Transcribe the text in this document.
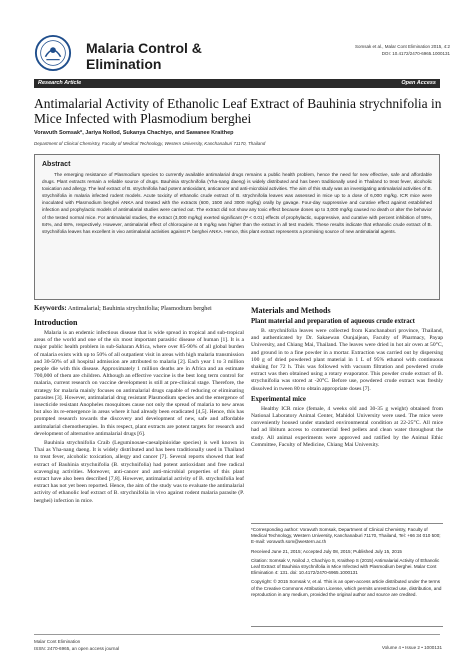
Malaria Control &
Elimination
Somsak et al., Malar Cont Elimination 2015, 4:2
DOI: 10.4172/2470-6965.1000131
Research Article	Open Access
Antimalarial Activity of Ethanolic Leaf Extract of Bauhinia strychnifolia in
Mice Infected with Plasmodium berghei
Voravuth Somsak*, Jariya Noilod, Sukanya Chachiyo, and Sawanee Kraithep
Department of Clinical Chemistry, Faculty of Medical Technology, Western University, Kanchanaburi 71170, Thailand
Abstract
The emerging resistance of Plasmodium species to currently available antimalarial drugs remains a public health problem, hence the need for new effective, safe and affordable drugs. Plant extracts remain a reliable source of drugs. Bauhinia strychnifolia (Yha-nang daeng) is widely distributed and has been traditionally used in Thailand to treat fever, alcoholic toxication and allergy. The leaf extract of B. strychnifolia had potent antioxidant, anticancer and anti-microbial activities. The aim of this study was an investigating antimalarial activities of B. strychnifolia in malaria infected rodent models. Acute toxicity of ethanolic crude extract of B. strychnifolia leaves was assessed in mice up to a dose of 6,000 mg/kg. ICR mice were inoculated with Plasmodium berghei ANKA and treated with the extracts (600, 1500 and 3000 mg/kg) orally by gavage. Four-day suppressive and curative effect against established infection and prophylactic models of antimalarial studies were carried out. The extract did not show any toxic effect because doses up to 3,000 mg/kg caused no death or alter the behavior of the tested normal mice. For antimalarial studies, the extract (3,000 mg/kg) exerted significant (P < 0.01) effects of prophylactic, suppressive, and curative with percent inhibition of 59%, 84%, and 68%, respectively. However, antimalarial effect of chloroquine at 5 mg/kg was higher than the extract in all test models. These results indicate that ethanolic crude extract of B. strychnifolia leaves has excellent in vivo antimalarial activities against P. berghei ANKA. Hence, this plant extract represents a promising source of new antimalarial agents.
Keywords: Antimalarial; Bauhinia strychnifolia; Plasmodium berghei
Introduction

Malaria is an endemic infectious disease that is wide spread in tropical and sub-tropical areas of the world and one of the six most important parasitic disease of human [1]. It is a major public health problem in sub-Saharan Africa, where over 85-90% of all global burden of malaria exists with up to 50% of all outpatient visit in areas with high malaria transmission and 30-50% of all hospital admission are attributed to malaria [2]. Each year 1 to 3 million people die with this disease. Approximately 1 million deaths are in Africa and an estimate 700,000 of them are children. Although an effective vaccine is the best long term control for malaria, current research on vaccine development is still at pre-clinical stage. Therefore, the strategy for malaria mainly focuses on antimalarial drugs capable of reducing or eliminating parasites [3]. However, antimalarial drug resistant Plasmodium species and the emergence of insecticide resistant Anopheles mosquitoes cause not only the spread of malaria to new areas but also its re-emergence in areas where it had already been eradicated [4,5]. Hence, this has prompted research towards the discovery and development of new, safe and affordable antimalarial chemotherapies. In this respect, plant extracts are potent targets for research and development of alternative antimalarial drugs [6].

Bauhinia strychnifolia Craib (Leguminosae-caesalpinioidae species) is well known in Thai as Yha-nang daeng. It is widely distributed and has been traditionally used in Thailand to treat fever, alcoholic toxication, allergy and cancer [7]. Several reports showed that leaf extract of Bauhinia strychnifolia (B. strychnifolia) had potent antioxidant and free radical scavenging activities. Moreover, anti-cancer and anti-microbial properties of this plant extract have also been described [7,8]. However, antimalarial activity of B. strychnifolia leaf extract has not yet been reported. Hence, the aim of the study was to evaluate the antimalarial activity of ethanolic leaf extract of B. strychnifolia in vivo against rodent malaria parasite (P. berghei) infection in mice.

Materials and Methods
Plant material and preparation of aqueous crude extract

B. strychnifolia leaves were collected from Kanchanaburi province, Thailand, and authenticated by Dr. Sakaewan Ounjaijean, Faculty of Pharmacy, Payap University, and Chiang Mai, Thailand. The leaves were dried in hot air oven at 50°C, and ground in to a fine powder in a mortar. Extraction was carried out by dispersing 100 g of dried powdered plant material in 1 L of 95% ethanol with continuous shaking for 72 h. This was followed with vacuum filtration and powdered crude extract was then obtained using a rotary evaporator. This powder crude extract of B. strychnifolia was stored at -20°C. Before use, powdered crude extract was freshly dissolved in tween 80 to obtain appropriate doses [7].

Experimental mice

Healthy ICR mice (female, 4 weeks old and 30-35 g weight) obtained from National Laboratory Animal Center, Mahidol University were used. The mice were conveniently housed under standard environmental condition at 22-25°C. All mice had ad libitum access to commercial feed pellets and clean water throughout the study. All animal experiments were approved and ratified by the Animal Ethic Committee, Faculty of Medicine, Chiang Mai University.

*Corresponding author: Voravuth Somsak, Department of Clinical Chemistry, Faculty of Medical Technology, Western University, Kanchanaburi 71170, Thailand, Tel: +66 34 010 500; E-mail: voravuth.som@western.ac.th

Received June 21, 2015; Accepted July 08, 2015; Published July 15, 2015

Citation: Somsak V, Noilod J, Chachiyo S, Kraithep S (2015) Antimalarial Activity of Ethanolic Leaf Extract of Bauhinia strychnifolia in Mice Infected with Plasmodium berghei. Malar Cont Elimination 4: 131. doi: 10.4172/2470-6965.1000131

Copyright: © 2015 Somsak V, et al. This is an open-access article distributed under the terms of the Creative Commons Attribution License, which permits unrestricted use, distribution, and reproduction in any medium, provided the original author and source are credited.

Malar Cont Elimination
ISSN: 2470-6965, an open access journal	Volume 4 • Issue 2 • 1000131
